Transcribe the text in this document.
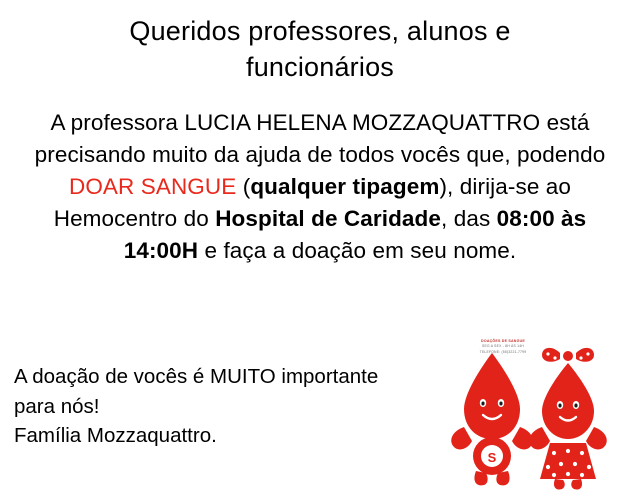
Queridos professores, alunos e
funcionários
A professora LUCIA HELENA MOZZAQUATTRO está precisando muito da ajuda de todos vocês que, podendo DOAR SANGUE (qualquer tipagem), dirija-se ao Hemocentro do Hospital de Caridade, das 08:00 às 14:00H e faça a doação em seu nome.
A doação de vocês é MUITO importante
para nós!
Família Mozzaquattro.
S
DOAÇÕES DE SANGUE
SEG A SEX - 8H ÀS 14H
TELEFONE: (55)3221-7799
